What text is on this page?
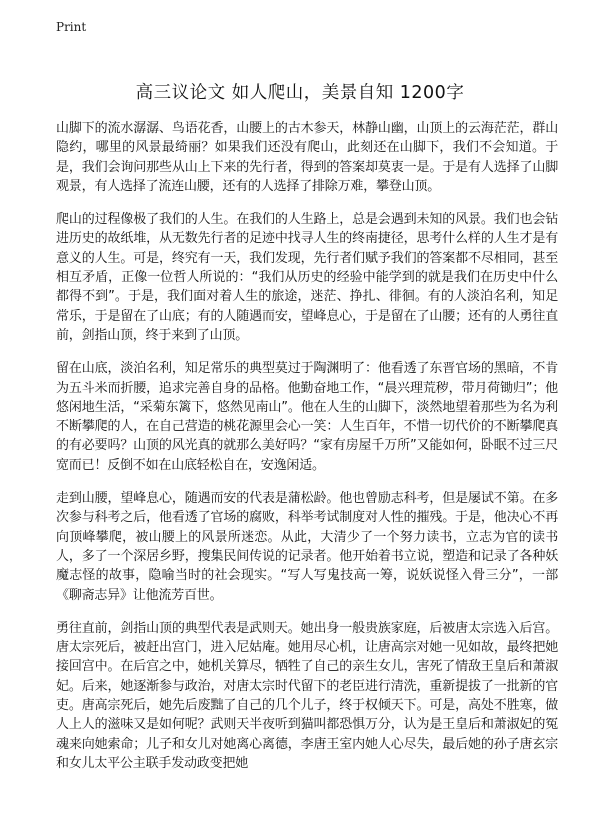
Print
高三议论文 如人爬山，美景自知 1200字

山脚下的流水潺潺、鸟语花香，山腰上的古木参天，林静山幽，山顶上的云海茫茫，群山隐约，哪里的风景最绮丽？如果我们还没有爬山，此刻还在山脚下，我们不会知道。于是，我们会询问那些从山上下来的先行者，得到的答案却莫衷一是。于是有人选择了山脚观景，有人选择了流连山腰，还有的人选择了排除万难，攀登山顶。

爬山的过程像极了我们的人生。在我们的人生路上，总是会遇到未知的风景。我们也会钻进历史的故纸堆，从无数先行者的足迹中找寻人生的终南捷径，思考什么样的人生才是有意义的人生。可是，终究有一天，我们发现，先行者们赋予我们的答案都不尽相同，甚至相互矛盾，正像一位哲人所说的：“我们从历史的经验中能学到的就是我们在历史中什么都得不到”。于是，我们面对着人生的旅途，迷茫、挣扎、徘徊。有的人淡泊名利，知足常乐，于是留在了山底；有的人随遇而安，望峰息心，于是留在了山腰；还有的人勇往直前，剑指山顶，终于来到了山顶。

留在山底，淡泊名利，知足常乐的典型莫过于陶渊明了：他看透了东晋官场的黑暗，不肯为五斗米而折腰，追求完善自身的品格。他勤奋地工作，“晨兴理荒秽，带月荷锄归”；他悠闲地生活，“采菊东篱下，悠然见南山”。他在人生的山脚下，淡然地望着那些为名为利不断攀爬的人，在自己营造的桃花源里会心一笑：人生百年，不惜一切代价的不断攀爬真的有必要吗？山顶的风光真的就那么美好吗？“家有房屋千万所”又能如何，卧眠不过三尺宽而已！反倒不如在山底轻松自在，安逸闲适。

走到山腰，望峰息心，随遇而安的代表是蒲松龄。他也曾励志科考，但是屡试不第。在多次参与科考之后，他看透了官场的腐败，科举考试制度对人性的摧残。于是，他决心不再向顶峰攀爬，被山腰上的风景所迷恋。从此，大清少了一个努力读书，立志为官的读书人，多了一个深居乡野，搜集民间传说的记录者。他开始着书立说，塑造和记录了各种妖魔志怪的故事，隐喻当时的社会现实。“写人写鬼技高一筹，说妖说怪入骨三分”，一部《聊斋志异》让他流芳百世。

勇往直前，剑指山顶的典型代表是武则天。她出身一般贵族家庭，后被唐太宗选入后宫。唐太宗死后，被赶出宫门，进入尼姑庵。她用尽心机，让唐高宗对她一见如故，最终把她接回宫中。在后宫之中，她机关算尽，牺牲了自己的亲生女儿，害死了情敌王皇后和萧淑妃。后来，她逐渐参与政治，对唐太宗时代留下的老臣进行清洗，重新提拔了一批新的官吏。唐高宗死后，她先后废黜了自己的几个儿子，终于权倾天下。可是，高处不胜寒，做人上人的滋味又是如何呢？武则天半夜听到猫叫都恐惧万分，认为是王皇后和萧淑妃的冤魂来向她索命；儿子和女儿对她离心离德，李唐王室内她人心尽失，最后她的孙子唐玄宗和女儿太平公主联手发动政变把她
